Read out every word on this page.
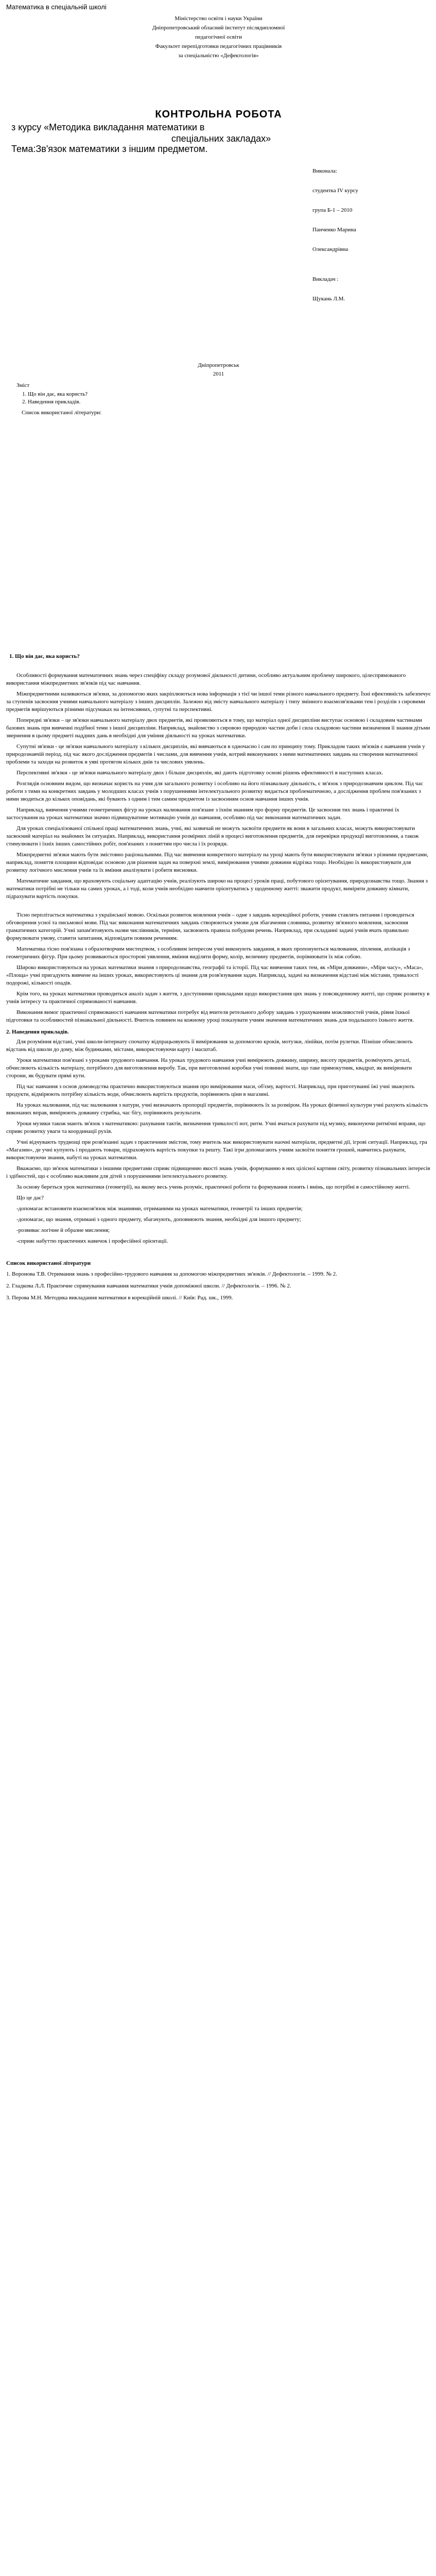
Математика в спеціальній школі

Міністерство освіти і науки України

Дніпропетровський обласний інститут післядипломної

педагогічної освіти

Факультет перепідготовки педагогічних працівників

за спеціальністю «Дефектологія»

КОНТРОЛЬНА РОБОТА
з курсу «Методика викладання математики в
спеціальних закладах»
Тема:Зв'язок математики з іншим предметом.

Виконала:

студентка IV курсу

група Б-1 – 2010

Панченко Марина

Олександрівна

Викладач :

Щукань Л.М.

Дніпропетровськ
2011

Зміст

1. Що він дає, яка користь?
2. Наведення прикладів.

Список використаної літератури:

1. Що він дає, яка користь?

Особливості формування математичних знань через спеціфіку складу розумової діяльності дитини, особливо актуальним проблему широкого, цілеспрямованого використання міжпредметних зв'язків під час навчання.

Міжпредметними називаються зв'язки, за допомогою яких закріплюються нова інформація з тієї чи іншої теми різного навчального предмету. Їхні ефективність забезпечує за ступенів засвоєння учнями навчального матеріалу з інших дисциплін. Залежно від змісту навчального матеріалу і типу змінного взаємозв'язками тем і розділів з сировими предметів вирішуються різними підсумаках на інтенсивних, супутні та перспективні.

Попередні зв'язки – це зв'язки навчального матеріалу двох предметів, які проявляються в тому, що матеріал одної дисципліни виступає основою і складовим частинами базових знань при вивченні подібної теми з іншої дисципліни. Наприклад, знайомство з сировою природою частин доби і сила складовою частини визначення її знання дітьми звернення в цьому предметі наддних дань в необхідні для уміння діяльності на уроках математики.

Супутні зв'язки - це зв'язки навчального матеріалу з кількох дисциплін, які вивчаються в одночасно і сам по принципу тому. Прикладом таких зв'язків є навчання учнів у природознавчій період, під час якого дослідження предметів і числами, для вивчення учнів, котрий виконуваних з ними математичних завдань на створення математичної проблеми та заходи на розвиток в уяві протягом кількох днів та числових уявлень.

Перспективні зв'язки - це зв'язки навчального матеріалу двох і більше дисциплін, які дають підготовку основі рішень ефективності в наступних класах.

Розглядів основним видом, що визначає користь на учня для загального розвитку і особливо на його пізнавальну діяльність, є зв'язок з природознавчим циклом. Під час роботи з тими на конкретних завдань у молодших класах учнів з порушеннями інтелектуального розвитку видається проблематичною, а дослідження проблем пов'язаних з ними зводиться до кількох оповідань, які бувають з одним і тим самим предметом із засвоєнням основ навчання інших учнів.

Наприклад, вивчення учнями геометричних фігур на уроках малювання пов'язане з їхнім знанням про форму предметів. Це засвоєння тих знань і практичні їх застосування на уроках математики значно підвищуватиме мотивацію учнів до навчання, особливо під час виконання математичних задач.

Для уроках спеціалізованої спільної праці математичних знань, учні, які зазвичай не можуть засвоїти предмети як вони в загальних класах, можуть використовувати засвоєний матеріал на знайомих їм ситуаціях. Наприклад, використання розмірних ліній в процесі виготовлення предметів, для перевірки продукції виготовлення, а також стимулювати і їхніх інших самостійних робіт, пов'язаних з поняттям про числа і їх розряди.

Міжпредметні зв'язки мають бути змістовно раціональними. Під час вивчення конкретного матеріалу на уроці мають бути використовувати зв'язки з різними предметами, наприклад, поняття площини відповідає основою для рішення задач на поверхні землі, вимірювання учнями довжини відрізка тощо. Необхідно їх використовувати для розвитку логічного мислення учнів та їх вміння аналізувати і робити висновки.

Математичне завдання, що враховують соціальну адаптацію учнів, реалізують широко на процесі уроків праці, побутового орієнтування, природознавства тощо. Знання з математики потрібні не тільки на самих уроках, а і тоді, коли учнів необхідно навчити орієнтуватись у щоденному житті: зважити продукт, виміряти довжину кімнати, підрахувати вартість покупки.

Тісно перплітається математика з української мовою. Оскільки розвиток мовлення учнів – одне з завдань корекційної роботи, учням ставлять питання і проводиться обговорення усної та письмової мови. Під час виконання математичних завдань створюються умови для збагачення словника, розвитку зв'язного мовлення, засвоєння граматичних категорій. Учні запам'ятовують назви числівників, терміни, засвоюють правила побудови речень. Наприклад, при складанні задачі учнів вчать правильно формулювати умову, ставити запитання, відповідати повним реченням.

Математика тісно пов'язана з образотворчим мистецтвом, з особливим інтересом учні виконують завдання, в яких пропонуються малювання, ліплення, аплікація з геометричних фігур. При цьому розвиваються просторові уявлення, вміння виділяти форму, колір, величину предметів, порівнювати їх між собою.

Широко використовуються на уроках математики знання з природознавства, географії та історії. Під час вивчення таких тем, як «Міри довжини», «Міри часу», «Маса», «Площа» учні пригадують вивчене на інших уроках, використовують ці знання для розв'язування задач. Наприклад, задачі на визначення відстані між містами, тривалості подорожі, кількості опадів.

Крім того, на уроках математики проводиться аналіз задач з життя, з доступними прикладами щодо використання цих знань у повсякденному житті, що сприяє розвитку в учнів інтересу та практичної спрямованості навчання.

Виконання вимог практичної спрямованості навчання математики потребує від вчителя ретельного добору завдань з урахуванням можливостей учнів, рівня їхньої підготовки та особливостей пізнавальної діяльності. Вчитель повинен на кожному уроці показувати учням значення математичних знань для подальшого їхнього життя.

2. Наведення прикладів.

Для розуміння відстані, учні школи-інтернату спочатку відпрацьовують її вимірювання за допомогою кроків, мотузки, лінійки, потім рулетки. Пізніше обчислюють відстань від школи до дому, між будинками, містами, використовуючи карту і масштаб.

Уроки математики пов'язані з уроками трудового навчання. На уроках трудового навчання учні вимірюють довжину, ширину, висоту предметів, розмічують деталі, обчислюють кількість матеріалу, потрібного для виготовлення виробу. Так, при виготовленні коробки учні повинні знати, що таке прямокутник, квадрат, як вимірювати сторони, як будувати прямі кути.

Під час навчання з основ домоводства практично використовуються знання про вимірювання маси, об'єму, вартості. Наприклад, при приготуванні їжі учні зважують продукти, відмірюють потрібну кількість води, обчислюють вартість продуктів, порівнюють ціни в магазині.

На уроках малювання, під час малювання з натури, учні визначають пропорції предметів, порівнюють їх за розміром. На уроках фізичної культури учні рахують кількість виконаних вправ, вимірюють довжину стрибка, час бігу, порівнюють результати.

Уроки музики також мають зв'язок з математикою: рахування тактів, визначення тривалості нот, ритм. Учні вчаться рахувати під музику, виконуючи ритмічні вправи, що сприяє розвитку уваги та координації рухів.

Учні відчувають труднощі при розв'язанні задач з практичним змістом, тому вчитель має використовувати наочні матеріали, предметні дії, ігрові ситуації. Наприклад, гра «Магазин», де учні купують і продають товари, підраховують вартість покупки та решту. Такі ігри допомагають учням засвоїти поняття грошей, навчитись рахувати, використовуючи знання, набуті на уроках математики.

Вважаємо, що зв'язок математики з іншими предметами сприяє підвищенню якості знань учнів, формуванню в них цілісної картини світу, розвитку пізнавальних інтересів і здібностей, що є особливо важливим для дітей з порушеннями інтелектуального розвитку.

За основу береться урок математики (геометрії), на якому весь учень розуміє, практичної роботи та формування понять і вмінь, що потрібні в самостійному житті.

Що це дає?

-допомагає встановити взаємозв'язок між знаннями, отриманими на уроках математики, геометрії та інших предметів;

-допомагає, що знання, отримані з одного предмету, збагачують, доповнюють знання, необхідні для іншого предмету;

-розвиває логічне й образне мислення;

-сприяє набуттю практичних навичок і професійної орієнтації.

Список використаної літератури

1. Воронова Т.В. Отримання знань з професійно-трудового навчання за допомогою міжпредметних зв'язків. // Дефектологія. – 1999. № 2.

2. Гладкова Л.Л. Практичне спрямування навчання математики учнів допоміжної школи. // Дефектологія. – 1996. № 2.

3. Перова М.Н. Методика викладання математики в корекційній школі. // Київ: Рад. шк., 1999.
